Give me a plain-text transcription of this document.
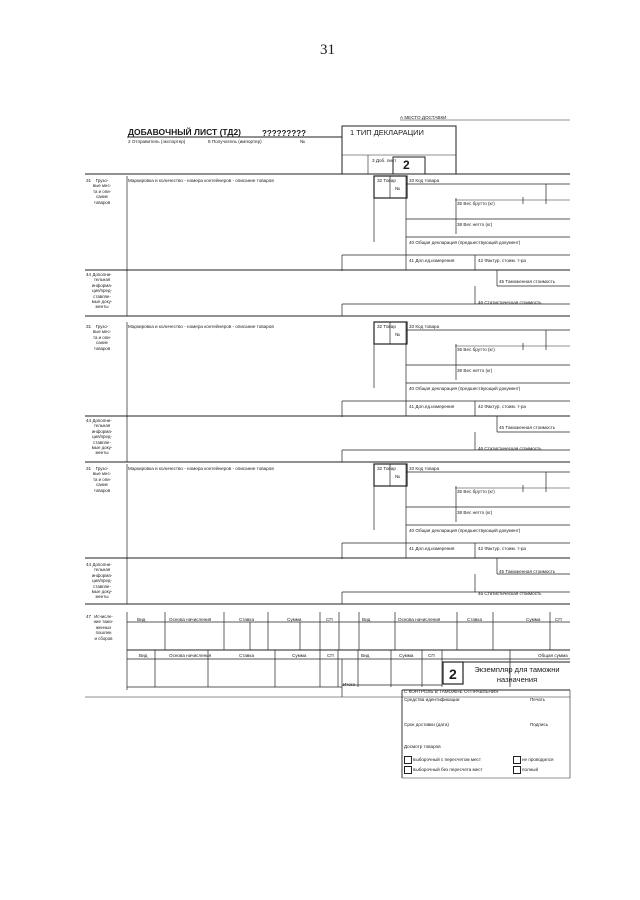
31
А МЕСТО ДОСТАВКИ
ДОБАВОЧНЫЙ ЛИСТ (ТД2)	?????????
2 Отправитель (экспортер)	8 Получатель (импортер)	№
1 ТИП ДЕКЛАРАЦИИ
3 Доб. лист 2
31	Грузо-
вые мес-
та и опи-
сание
товаров
Маркировка и количество - номера контейнеров - описание товаров	32 Товар
№
33 Код товара
35 Вес брутто (кг)
38 Вес нетто (кг)
40 Общая декларация (предшествующий документ)
41 Доп.ед.измерения	42 Фактур. стоим. т-ра
44 Дополни-
тельная
информа-
ция/пред-
ставляе-
мые доку-
менты
45 Таможенная стоимость
46 Статистическая стоимость
31	Грузо-
вые мес-
та и опи-
сание
товаров
Маркировка и количество - номера контейнеров - описание товаров	32 Товар
№
33 Код товара
35 Вес брутто (кг)
38 Вес нетто (кг)
40 Общая декларация (предшествующий документ)
41 Доп.ед.измерения	42 Фактур. стоим. т-ра
44 Дополни-
тельная
информа-
ция/пред-
ставляе-
мые доку-
менты
45 Таможенная стоимость
46 Статистическая стоимость
31	Грузо-
вые мес-
та и опи-
сание
товаров
Маркировка и количество - номера контейнеров - описание товаров	32 Товар
№
33 Код товара
35 Вес брутто (кг)
38 Вес нетто (кг)
40 Общая декларация (предшествующий документ)
41 Доп.ед.измерения	42 Фактур. стоим. т-ра
44 Дополни-
тельная
информа-
ция/пред-
ставляе-
мые доку-
менты
45 Таможенная стоимость
46 Статистическая стоимость
47 Исчисле-
ние тамо-
женных
пошлин
и сборов
Вид	Основа начисления	Ставка	Сумма	СП	Вид	Основа начисления	Ставка	Сумма	СП
Вид	Основа начисления	Ставка	Сумма	СП	Вид	Сумма	СП	Общая сумма
Итого
2	Экземпляр для таможни назначения
С КОНТРОЛЬ В ТАМОЖНЕ ОТПРАВЛЕНИЯ
Средства идентификации	Печать
Срок доставки (дата)	Подпись
Досмотр товаров
выборочный с пересчетом мест	не проводился
выборочный без пересчета мест	полный
